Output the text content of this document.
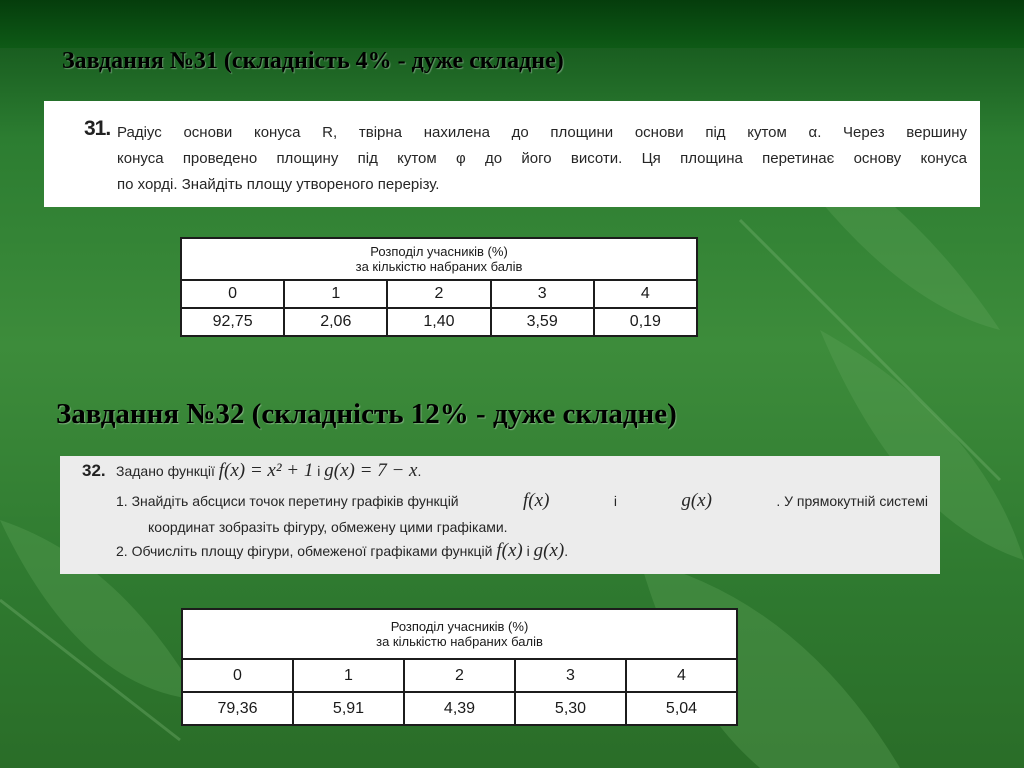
Завдання №31 (складність 4% - дуже складне)
31. Радіус основи конуса R, твірна нахилена до площини основи під кутом α. Через вершину
конуса проведено площину під кутом φ до його висоти. Ця площина перетинає основу конуса
по хорді. Знайдіть площу утвореного перерізу.
Розподіл учасників (%)
за кількістю набраних балів				

0	1	2	3	4
92,75	2,06	1,40	3,59	0,19
Завдання №32 (складність 12% - дуже складне)
32. Задано функції f(x) = x² + 1 і g(x) = 7 − x.
1. Знайдіть абсциси точок перетину графіків функцій	f(x)	і	g(x)	. У прямокутній системі
координат зобразіть фігуру, обмежену цими графіками.
2. Обчисліть площу фігури, обмеженої графіками функцій f(x) і g(x).
Розподіл учасників (%)
за кількістю набраних балів				

0	1	2	3	4
79,36	5,91	4,39	5,30	5,04
